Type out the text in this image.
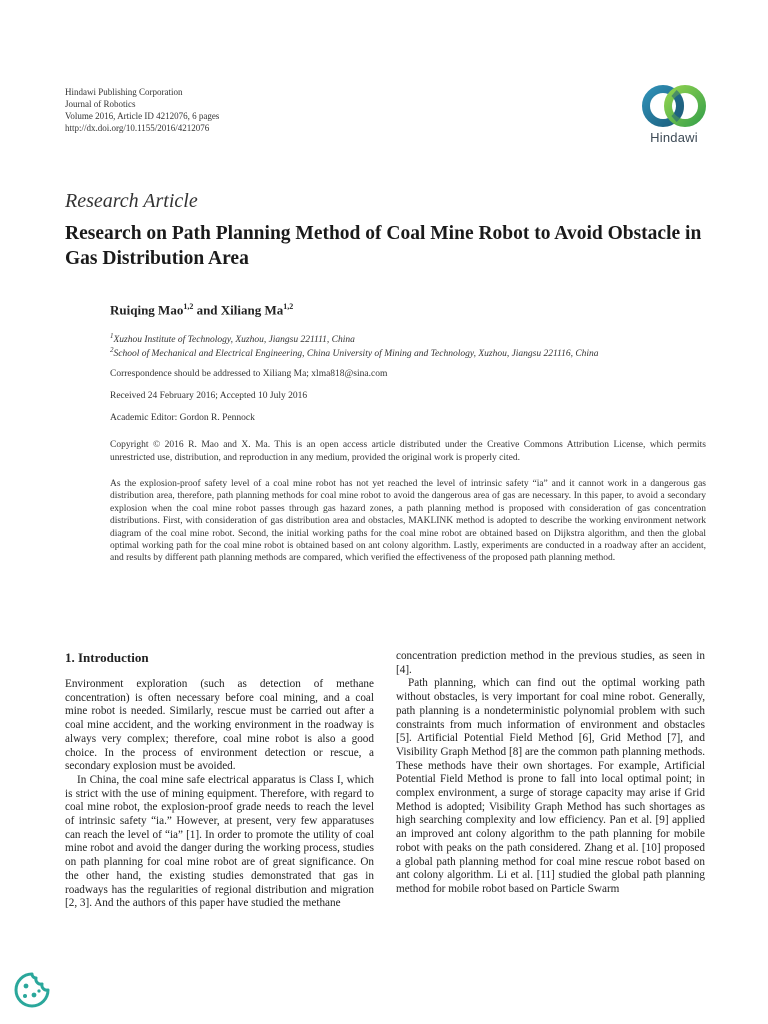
Hindawi Publishing Corporation
Journal of Robotics
Volume 2016, Article ID 4212076, 6 pages
http://dx.doi.org/10.1155/2016/4212076
Hindawi
Research Article
Research on Path Planning Method of Coal Mine Robot to Avoid Obstacle in Gas Distribution Area
Ruiqing Mao$^{1,2}$ and Xiliang Ma$^{1,2}$
$^1$Xuzhou Institute of Technology, Xuzhou, Jiangsu 221111, China
$^2$School of Mechanical and Electrical Engineering, China University of Mining and Technology, Xuzhou, Jiangsu 221116, China
Correspondence should be addressed to Xiliang Ma; xlma818@sina.com
Received 24 February 2016; Accepted 10 July 2016
Academic Editor: Gordon R. Pennock
Copyright © 2016 R. Mao and X. Ma. This is an open access article distributed under the Creative Commons Attribution License, which permits unrestricted use, distribution, and reproduction in any medium, provided the original work is properly cited.
As the explosion-proof safety level of a coal mine robot has not yet reached the level of intrinsic safety “ia” and it cannot work in a dangerous gas distribution area, therefore, path planning methods for coal mine robot to avoid the dangerous area of gas are necessary. In this paper, to avoid a secondary explosion when the coal mine robot passes through gas hazard zones, a path planning method is proposed with consideration of gas concentration distributions. First, with consideration of gas distribution area and obstacles, MAKLINK method is adopted to describe the working environment network diagram of the coal mine robot. Second, the initial working paths for the coal mine robot are obtained based on Dijkstra algorithm, and then the global optimal working path for the coal mine robot is obtained based on ant colony algorithm. Lastly, experiments are conducted in a roadway after an accident, and results by different path planning methods are compared, which verified the effectiveness of the proposed path planning method.
1. Introduction

Environment exploration (such as detection of methane concentration) is often necessary before coal mining, and a coal mine robot is needed. Similarly, rescue must be carried out after a coal mine accident, and the working environment in the roadway is always very complex; therefore, coal mine robot is also a good choice. In the process of environment detection or rescue, a secondary explosion must be avoided.

In China, the coal mine safe electrical apparatus is Class I, which is strict with the use of mining equipment. Therefore, with regard to coal mine robot, the explosion-proof grade needs to reach the level of intrinsic safety “ia.” However, at present, very few apparatuses can reach the level of “ia” [1]. In order to promote the utility of coal mine robot and avoid the danger during the working process, studies on path planning for coal mine robot are of great significance. On the other hand, the existing studies demonstrated that gas in roadways has the regularities of regional distribution and migration [2, 3]. And the authors of this paper have studied the methane

concentration prediction method in the previous studies, as seen in [4].

Path planning, which can find out the optimal working path without obstacles, is very important for coal mine robot. Generally, path planning is a nondeterministic polynomial problem with such constraints from much information of environment and obstacles [5]. Artificial Potential Field Method [6], Grid Method [7], and Visibility Graph Method [8] are the common path planning methods. These methods have their own shortages. For example, Artificial Potential Field Method is prone to fall into local optimal point; in complex environment, a surge of storage capacity may arise if Grid Method is adopted; Visibility Graph Method has such shortages as high searching complexity and low efficiency. Pan et al. [9] applied an improved ant colony algorithm to the path planning for mobile robot with peaks on the path considered. Zhang et al. [10] proposed a global path planning method for coal mine rescue robot based on ant colony algorithm. Li et al. [11] studied the global path planning method for mobile robot based on Particle Swarm
